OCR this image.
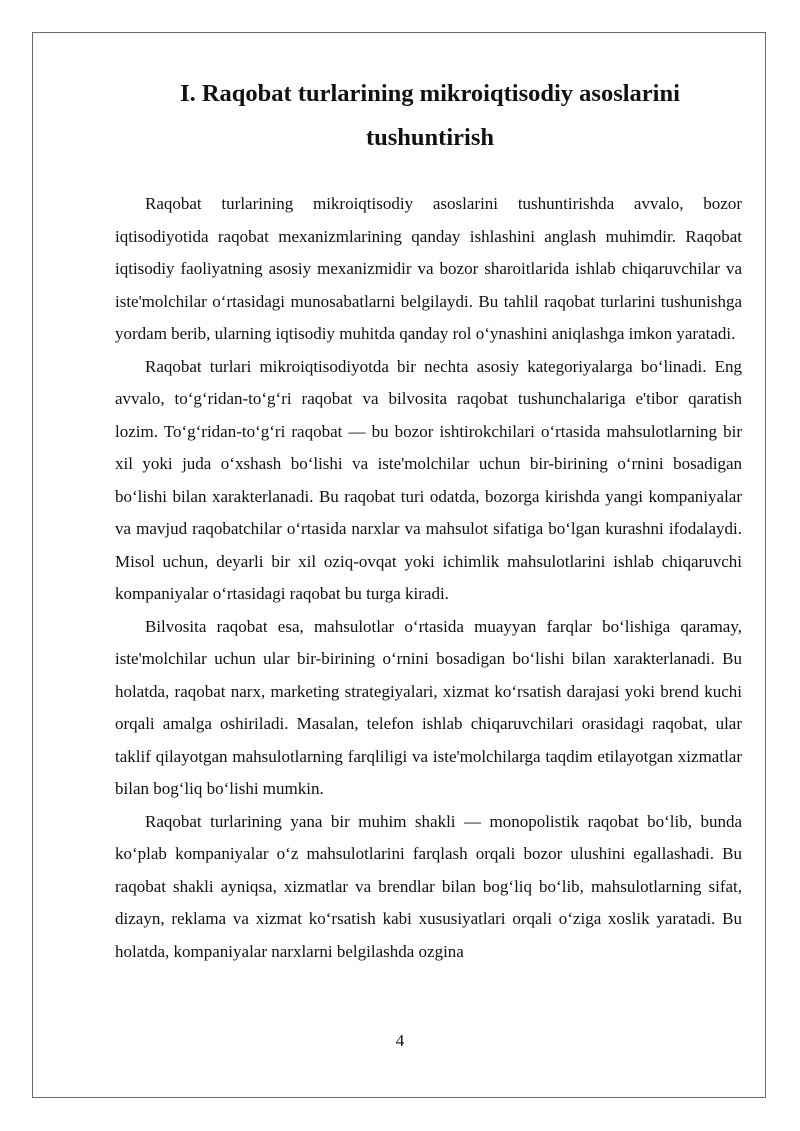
I. Raqobat turlarining mikroiqtisodiy asoslarini tushuntirish

Raqobat turlarining mikroiqtisodiy asoslarini tushuntirishda avvalo, bozor iqtisodiyotida raqobat mexanizmlarining qanday ishlashini anglash muhimdir. Raqobat iqtisodiy faoliyatning asosiy mexanizmidir va bozor sharoitlarida ishlab chiqaruvchilar va iste'molchilar o‘rtasidagi munosabatlarni belgilaydi. Bu tahlil raqobat turlarini tushunishga yordam berib, ularning iqtisodiy muhitda qanday rol o‘ynashini aniqlashga imkon yaratadi.

Raqobat turlari mikroiqtisodiyotda bir nechta asosiy kategoriyalarga bo‘linadi. Eng avvalo, to‘g‘ridan-to‘g‘ri raqobat va bilvosita raqobat tushunchalariga e'tibor qaratish lozim. To‘g‘ridan-to‘g‘ri raqobat — bu bozor ishtirokchilari o‘rtasida mahsulotlarning bir xil yoki juda o‘xshash bo‘lishi va iste'molchilar uchun bir-birining o‘rnini bosadigan bo‘lishi bilan xarakterlanadi. Bu raqobat turi odatda, bozorga kirishda yangi kompaniyalar va mavjud raqobatchilar o‘rtasida narxlar va mahsulot sifatiga bo‘lgan kurashni ifodalaydi. Misol uchun, deyarli bir xil oziq-ovqat yoki ichimlik mahsulotlarini ishlab chiqaruvchi kompaniyalar o‘rtasidagi raqobat bu turga kiradi.

Bilvosita raqobat esa, mahsulotlar o‘rtasida muayyan farqlar bo‘lishiga qaramay, iste'molchilar uchun ular bir-birining o‘rnini bosadigan bo‘lishi bilan xarakterlanadi. Bu holatda, raqobat narx, marketing strategiyalari, xizmat ko‘rsatish darajasi yoki brend kuchi orqali amalga oshiriladi. Masalan, telefon ishlab chiqaruvchilari orasidagi raqobat, ular taklif qilayotgan mahsulotlarning farqliligi va iste'molchilarga taqdim etilayotgan xizmatlar bilan bog‘liq bo‘lishi mumkin.

Raqobat turlarining yana bir muhim shakli — monopolistik raqobat bo‘lib, bunda ko‘plab kompaniyalar o‘z mahsulotlarini farqlash orqali bozor ulushini egallashadi. Bu raqobat shakli ayniqsa, xizmatlar va brendlar bilan bog‘liq bo‘lib, mahsulotlarning sifat, dizayn, reklama va xizmat ko‘rsatish kabi xususiyatlari orqali o‘ziga xoslik yaratadi. Bu holatda, kompaniyalar narxlarni belgilashda ozgina

4
